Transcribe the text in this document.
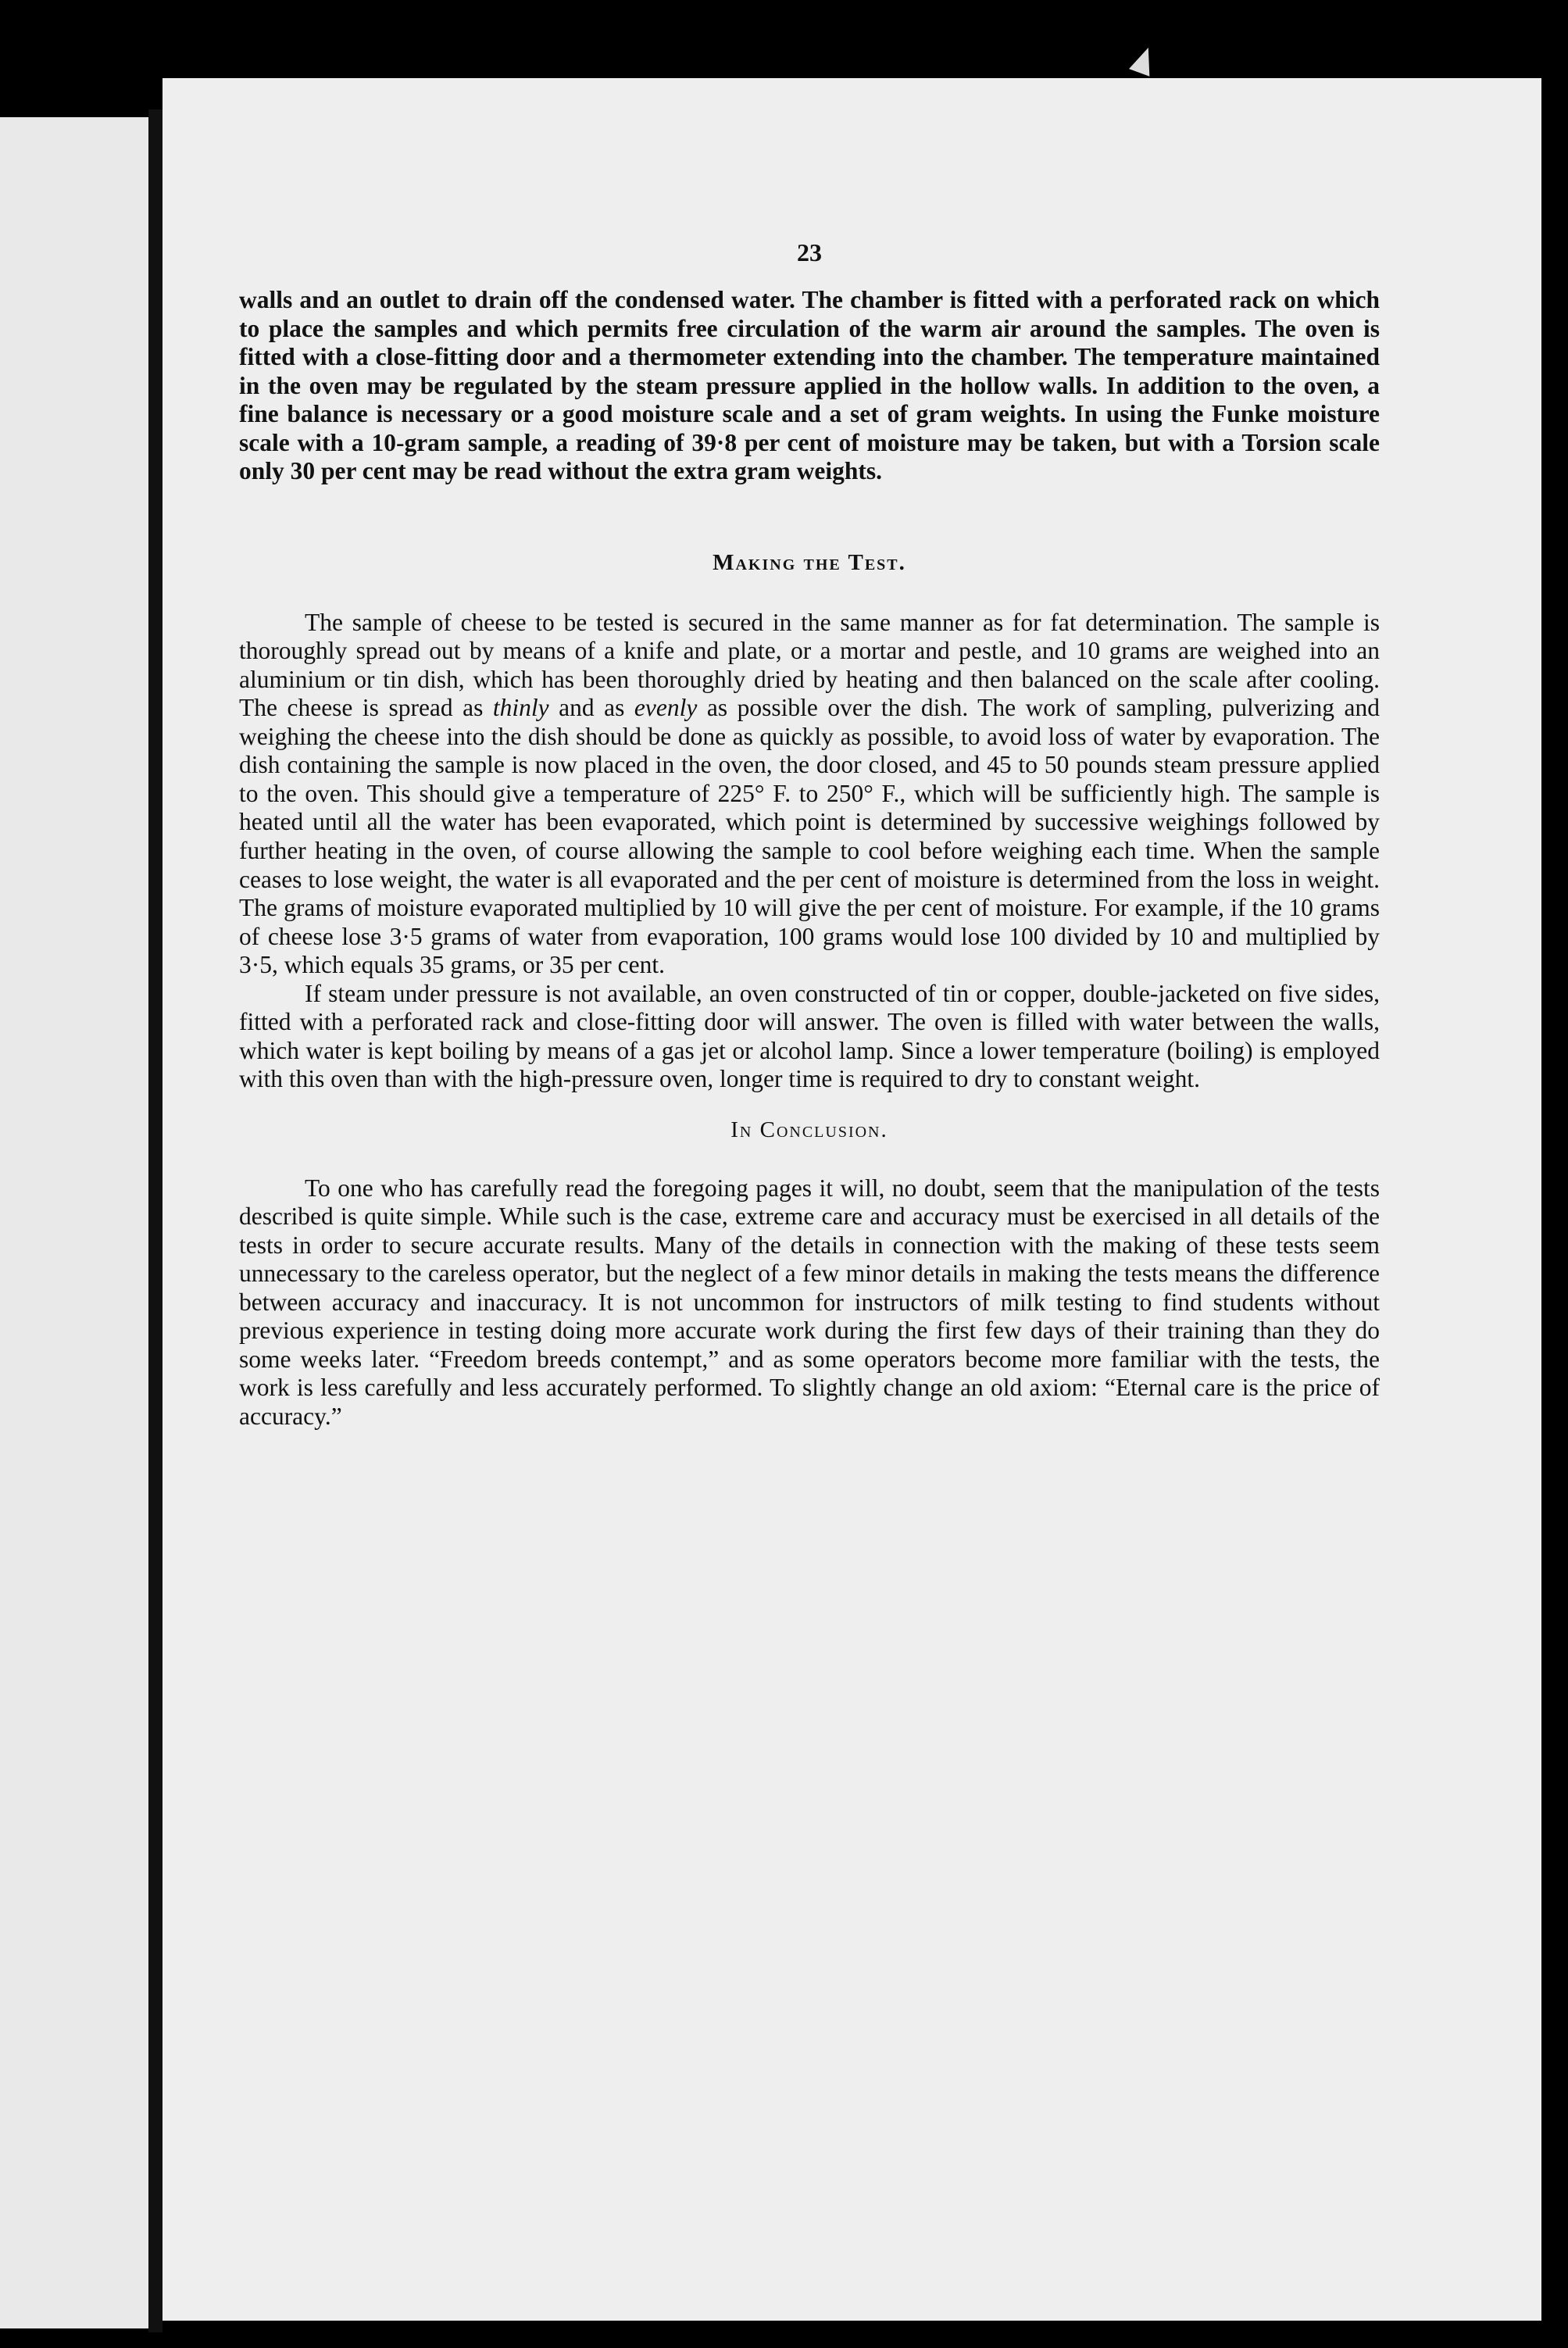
23

walls and an outlet to drain off the condensed water. The chamber is fitted with a perforated rack on which to place the samples and which permits free circulation of the warm air around the samples. The oven is fitted with a close-fitting door and a thermometer extending into the chamber. The temperature maintained in the oven may be regulated by the steam pressure applied in the hollow walls. In addition to the oven, a fine balance is necessary or a good moisture scale and a set of gram weights. In using the Funke moisture scale with a 10-gram sample, a reading of 39·8 per cent of moisture may be taken, but with a Torsion scale only 30 per cent may be read without the extra gram weights.

Making the Test.

The sample of cheese to be tested is secured in the same manner as for fat determination. The sample is thoroughly spread out by means of a knife and plate, or a mortar and pestle, and 10 grams are weighed into an aluminium or tin dish, which has been thoroughly dried by heating and then balanced on the scale after cooling. The cheese is spread as thinly and as evenly as possible over the dish. The work of sampling, pulverizing and weighing the cheese into the dish should be done as quickly as possible, to avoid loss of water by evaporation. The dish containing the sample is now placed in the oven, the door closed, and 45 to 50 pounds steam pressure applied to the oven. This should give a temperature of 225° F. to 250° F., which will be sufficiently high. The sample is heated until all the water has been evaporated, which point is determined by successive weighings followed by further heating in the oven, of course allowing the sample to cool before weighing each time. When the sample ceases to lose weight, the water is all evaporated and the per cent of moisture is determined from the loss in weight. The grams of moisture evaporated multiplied by 10 will give the per cent of moisture. For example, if the 10 grams of cheese lose 3·5 grams of water from evaporation, 100 grams would lose 100 divided by 10 and multiplied by 3·5, which equals 35 grams, or 35 per cent.

If steam under pressure is not available, an oven constructed of tin or copper, double-jacketed on five sides, fitted with a perforated rack and close-fitting door will answer. The oven is filled with water between the walls, which water is kept boiling by means of a gas jet or alcohol lamp. Since a lower temperature (boiling) is employed with this oven than with the high-pressure oven, longer time is required to dry to constant weight.

In Conclusion.

To one who has carefully read the foregoing pages it will, no doubt, seem that the manipulation of the tests described is quite simple. While such is the case, extreme care and accuracy must be exercised in all details of the tests in order to secure accurate results. Many of the details in connection with the making of these tests seem unnecessary to the careless operator, but the neglect of a few minor details in making the tests means the difference between accuracy and inaccuracy. It is not uncommon for instructors of milk testing to find students without previous experience in testing doing more accurate work during the first few days of their training than they do some weeks later. “Freedom breeds contempt,” and as some operators become more familiar with the tests, the work is less carefully and less accurately performed. To slightly change an old axiom: “Eternal care is the price of accuracy.”
